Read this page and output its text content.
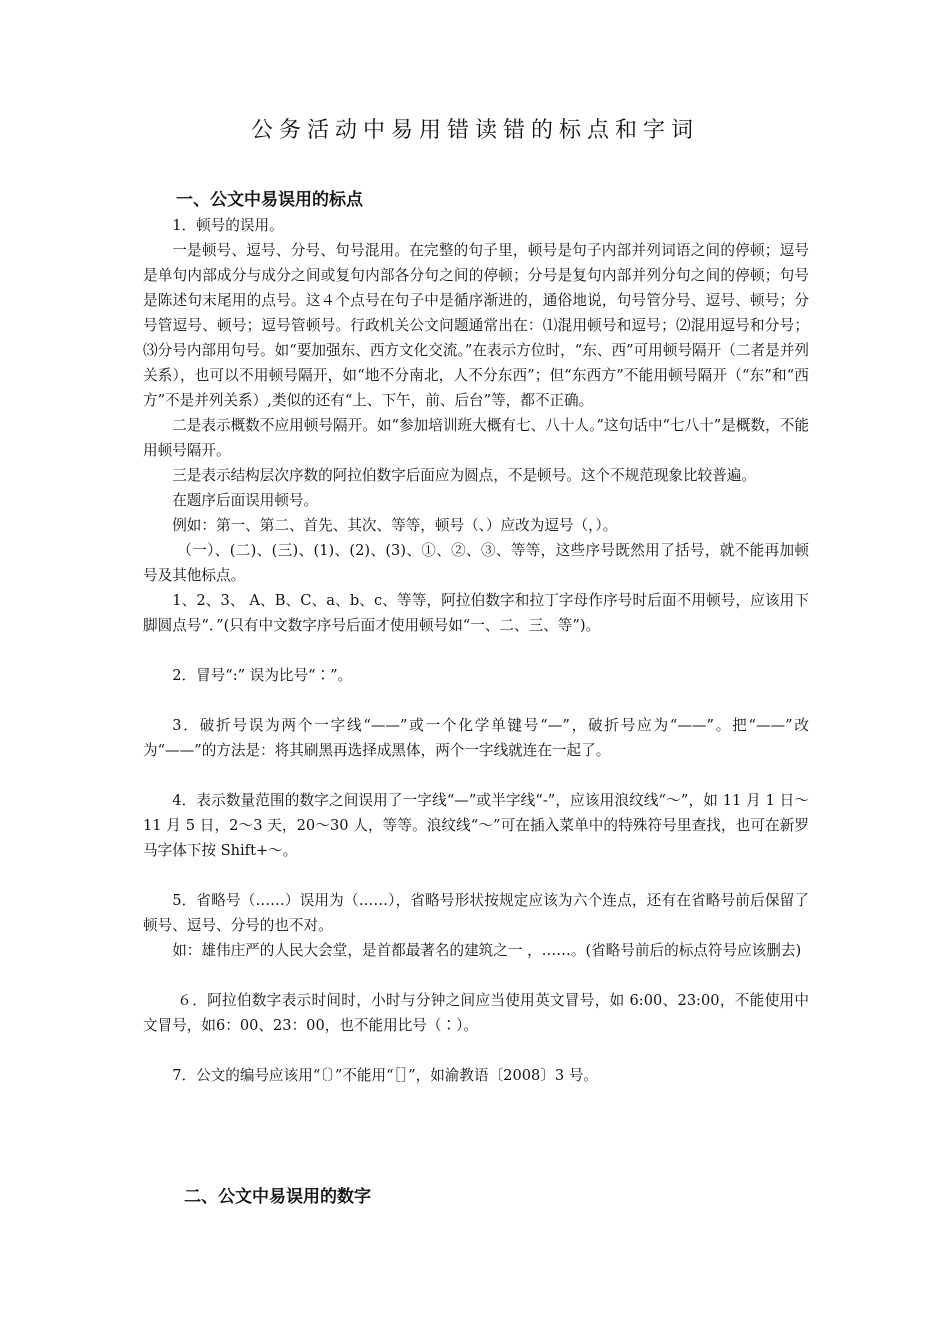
公务活动中易用错读错的标点和字词
一、公文中易误用的标点

1．顿号的误用。

一是顿号、逗号、分号、句号混用。在完整的句子里，顿号是句子内部并列词语之间的停顿；逗号是单句内部成分与成分之间或复句内部各分句之间的停顿；分号是复句内部并列分句之间的停顿；句号是陈述句末尾用的点号。这４个点号在句子中是循序渐进的，通俗地说，句号管分号、逗号、顿号；分号管逗号、顿号；逗号管顿号。行政机关公文问题通常出在：⑴混用顿号和逗号；⑵混用逗号和分号；⑶分号内部用句号。如“要加强东、西方文化交流。”在表示方位时，“东、西”可用顿号隔开（二者是并列关系），也可以不用顿号隔开，如“地不分南北，人不分东西”；但“东西方”不能用顿号隔开（“东”和“西方”不是并列关系）,类似的还有“上、下午，前、后台”等，都不正确。

二是表示概数不应用顿号隔开。如“参加培训班大概有七、八十人。”这句话中“七八十”是概数，不能用顿号隔开。

三是表示结构层次序数的阿拉伯数字后面应为圆点，不是顿号。这个不规范现象比较普遍。

在题序后面误用顿号。

例如：第一、第二、首先、其次、等等，顿号（、）应改为逗号（，）。

（一）、(二)、(三)、(1)、(2)、(3)、①、②、③、等等，这些序号既然用了括号，就不能再加顿号及其他标点。

1、2、3、 A、B、C、a、b、c、等等，阿拉伯数字和拉丁字母作序号时后面不用顿号，应该用下脚圆点号“．”(只有中文数字序号后面才使用顿号如“一、二、三、等”)。

2．冒号“:” 误为比号“∶”。

3．破折号误为两个一字线“——”或一个化学单键号“—”，破折号应为“——”。把“——”改为“——”的方法是：将其刷黑再选择成黑体，两个一字线就连在一起了。

4．表示数量范围的数字之间误用了一字线“—”或半字线“-”，应该用浪纹线“～”，如 11 月 1 日～11 月 5 日，2～3 天，20～30 人，等等。浪纹线“～”可在插入菜单中的特殊符号里查找，也可在新罗马字体下按 Shift+～。

5．省略号（……）误用为（……），省略号形状按规定应该为六个连点，还有在省略号前后保留了顿号、逗号、分号的也不对。

如：雄伟庄严的人民大会堂，是首都最著名的建筑之一 ，……。(省略号前后的标点符号应该删去)

６．阿拉伯数字表示时间时，小时与分钟之间应当使用英文冒号，如 6:00、23:00，不能使用中文冒号，如6：00、23：00，也不能用比号（∶）。

7．公文的编号应该用“〔〕”不能用“［］”，如渝教语〔2008〕3 号。

二、公文中易误用的数字
